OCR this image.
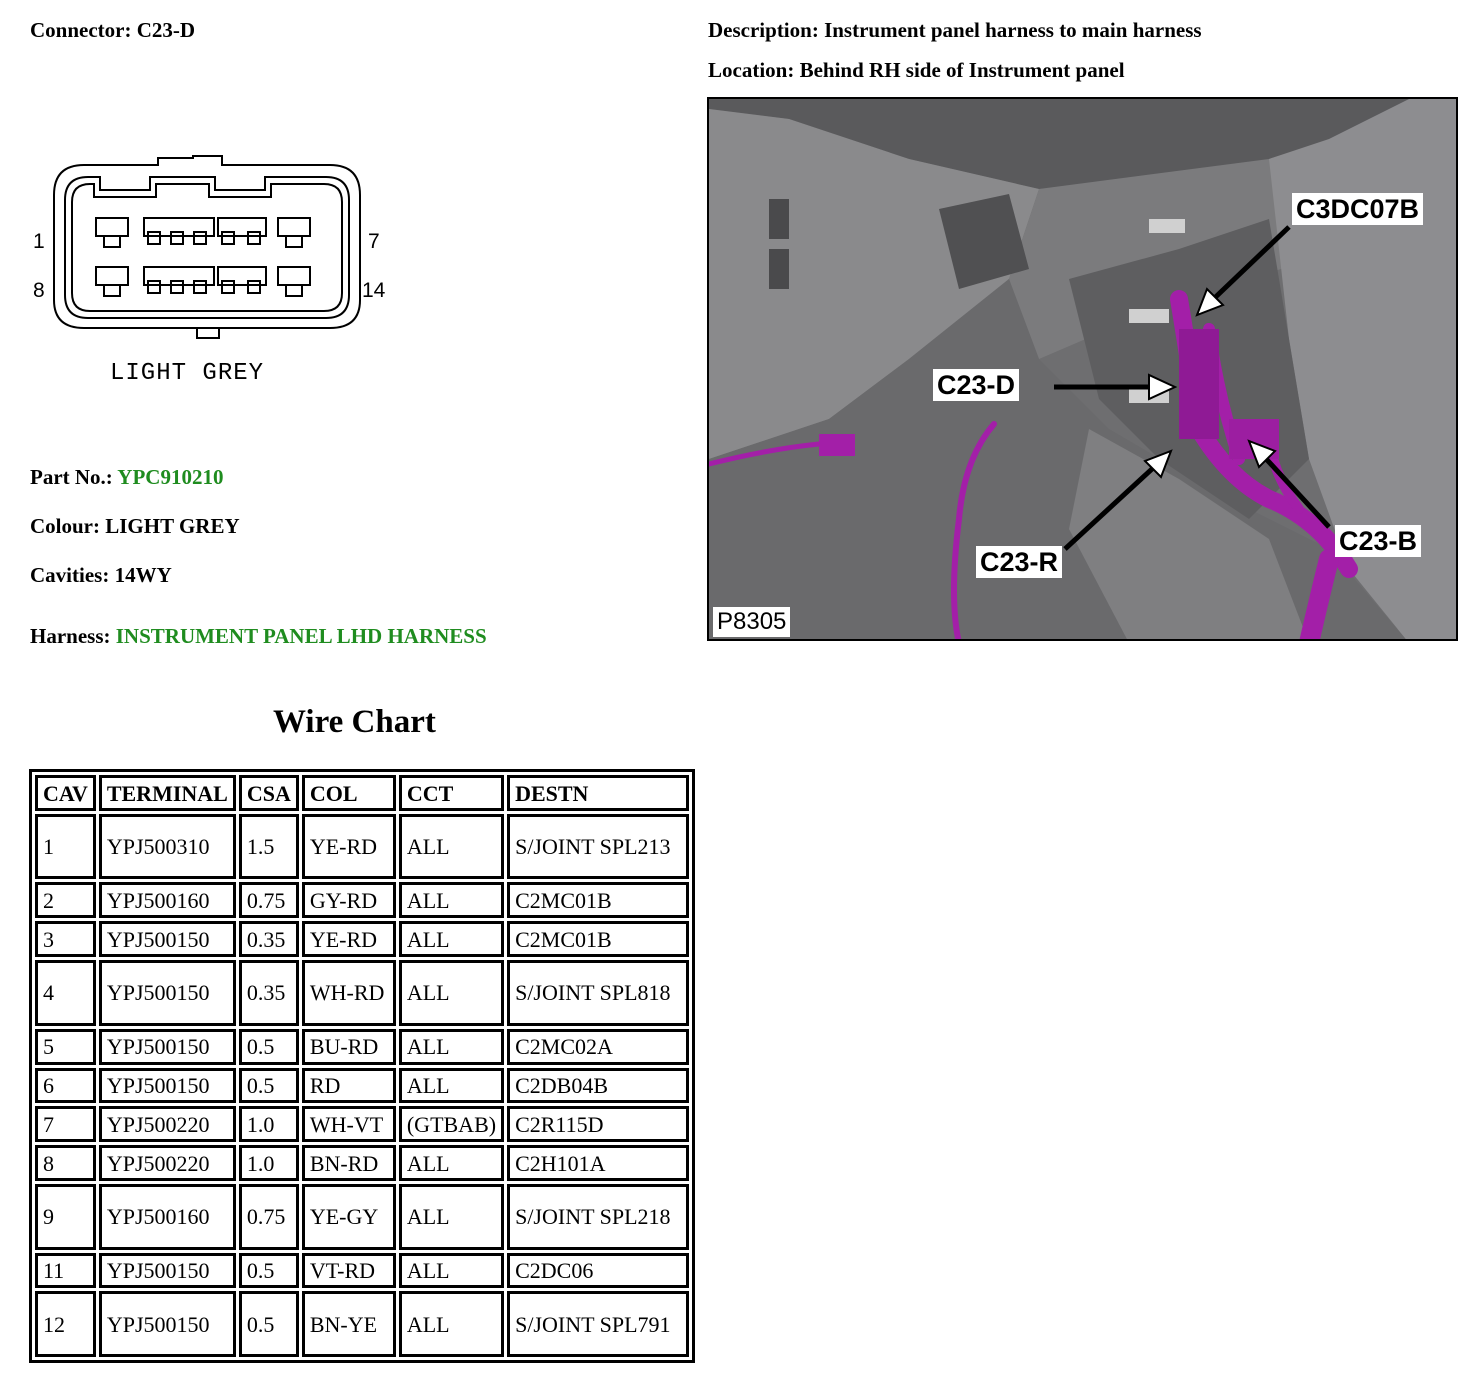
Connector: C23-D	Description: Instrument panel harness to main harness
Location: Behind RH side of Instrument panel
1	7
8	14
LIGHT GREY
Part No.: YPC910210
Colour: LIGHT GREY
Cavities: 14WY
Harness: INSTRUMENT PANEL LHD HARNESS
C3DC07B
C23-D
C23-R
C23-B
P8305
Wire Chart
CAV	TERMINAL	CSA	COL	CCT	DESTN
1	YPJ500310	1.5	YE-RD	ALL	S/JOINT SPL213
2	YPJ500160	0.75	GY-RD	ALL	C2MC01B
3	YPJ500150	0.35	YE-RD	ALL	C2MC01B
4	YPJ500150	0.35	WH-RD	ALL	S/JOINT SPL818
5	YPJ500150	0.5	BU-RD	ALL	C2MC02A
6	YPJ500150	0.5	RD	ALL	C2DB04B
7	YPJ500220	1.0	WH-VT	(GTBAB)	C2R115D
8	YPJ500220	1.0	BN-RD	ALL	C2H101A
9	YPJ500160	0.75	YE-GY	ALL	S/JOINT SPL218
11	YPJ500150	0.5	VT-RD	ALL	C2DC06
12	YPJ500150	0.5	BN-YE	ALL	S/JOINT SPL791
